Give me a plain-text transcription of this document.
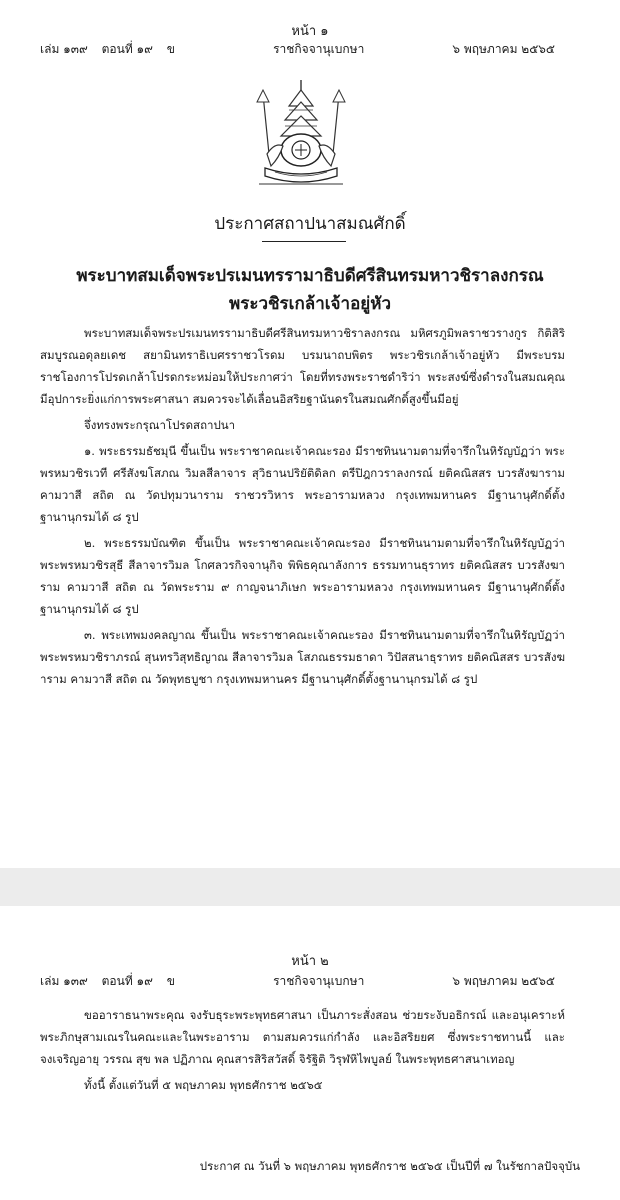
หน้า ๑
เล่ม ๑๓๙ ตอนที่ ๑๙ ข	ราชกิจจานุเบกษา	๖ พฤษภาคม ๒๕๖๕
ประกาศสถาปนาสมณศักดิ์
พระบาทสมเด็จพระปรเมนทรรามาธิบดีศรีสินทรมหาวชิราลงกรณ
พระวชิรเกล้าเจ้าอยู่หัว

พระบาทสมเด็จพระปรเมนทรรามาธิบดีศรีสินทรมหาวชิราลงกรณ มหิศรภูมิพลราชวรางกูร กิติสิริสมบูรณอดุลยเดช สยามินทราธิเบศรราชวโรดม บรมนาถบพิตร พระวชิรเกล้าเจ้าอยู่หัว มีพระบรมราชโองการโปรดเกล้าโปรดกระหม่อมให้ประกาศว่า โดยที่ทรงพระราชดำริว่า พระสงฆ์ซึ่งดำรงในสมณคุณ มีอุปการะยิ่งแก่การพระศาสนา สมควรจะได้เลื่อนอิสริยฐานันดรในสมณศักดิ์สูงขึ้นมีอยู่

จึ่งทรงพระกรุณาโปรดสถาปนา

๑. พระธรรมธัชมุนี ขึ้นเป็น พระราชาคณะเจ้าคณะรอง มีราชทินนามตามที่จารึกในหิรัญบัฏว่า พระพรหมวชิรเวที ศรีสังฆโสภณ วิมลสีลาจาร สุวิธานปริยัติดิลก ตรีปิฎกวราลงกรณ์ ยติคณิสสร บวรสังฆาราม คามวาสี สถิต ณ วัดปทุมวนาราม ราชวรวิหาร พระอารามหลวง กรุงเทพมหานคร มีฐานานุศักดิ์ตั้งฐานานุกรมได้ ๘ รูป

๒. พระธรรมบัณฑิต ขึ้นเป็น พระราชาคณะเจ้าคณะรอง มีราชทินนามตามที่จารึกในหิรัญบัฏว่า พระพรหมวชิรสุธี สีลาจารวิมล โกศลวรกิจจานุกิจ พิพิธคุณาลังการ ธรรมทานธุราทร ยติคณิสสร บวรสังฆาราม คามวาสี สถิต ณ วัดพระราม ๙ กาญจนาภิเษก พระอารามหลวง กรุงเทพมหานคร มีฐานานุศักดิ์ตั้งฐานานุกรมได้ ๘ รูป

๓. พระเทพมงคลญาณ ขึ้นเป็น พระราชาคณะเจ้าคณะรอง มีราชทินนามตามที่จารึกในหิรัญบัฏว่า พระพรหมวชิราภรณ์ สุนทรวิสุทธิญาณ สีลาจารวิมล โสภณธรรมธาดา วิปัสสนาธุราทร ยติคณิสสร บวรสังฆาราม คามวาสี สถิต ณ วัดพุทธบูชา กรุงเทพมหานคร มีฐานานุศักดิ์ตั้งฐานานุกรมได้ ๘ รูป

หน้า ๒
เล่ม ๑๓๙ ตอนที่ ๑๙ ข	ราชกิจจานุเบกษา	๖ พฤษภาคม ๒๕๖๕

ขออาราธนาพระคุณ จงรับธุระพระพุทธศาสนา เป็นภาระสั่งสอน ช่วยระงับอธิกรณ์ และอนุเคราะห์พระภิกษุสามเณรในคณะและในพระอาราม ตามสมควรแก่กำลัง และอิสริยยศ ซึ่งพระราชทานนี้ และจงเจริญอายุ วรรณ สุข พล ปฏิภาณ คุณสารสิริสวัสดิ์ จิรัฐิติ วิรุฬหิไพบูลย์ ในพระพุทธศาสนาเทอญ

ทั้งนี้ ตั้งแต่วันที่ ๕ พฤษภาคม พุทธศักราช ๒๕๖๕

ประกาศ ณ วันที่ ๖ พฤษภาคม พุทธศักราช ๒๕๖๕ เป็นปีที่ ๗ ในรัชกาลปัจจุบัน
